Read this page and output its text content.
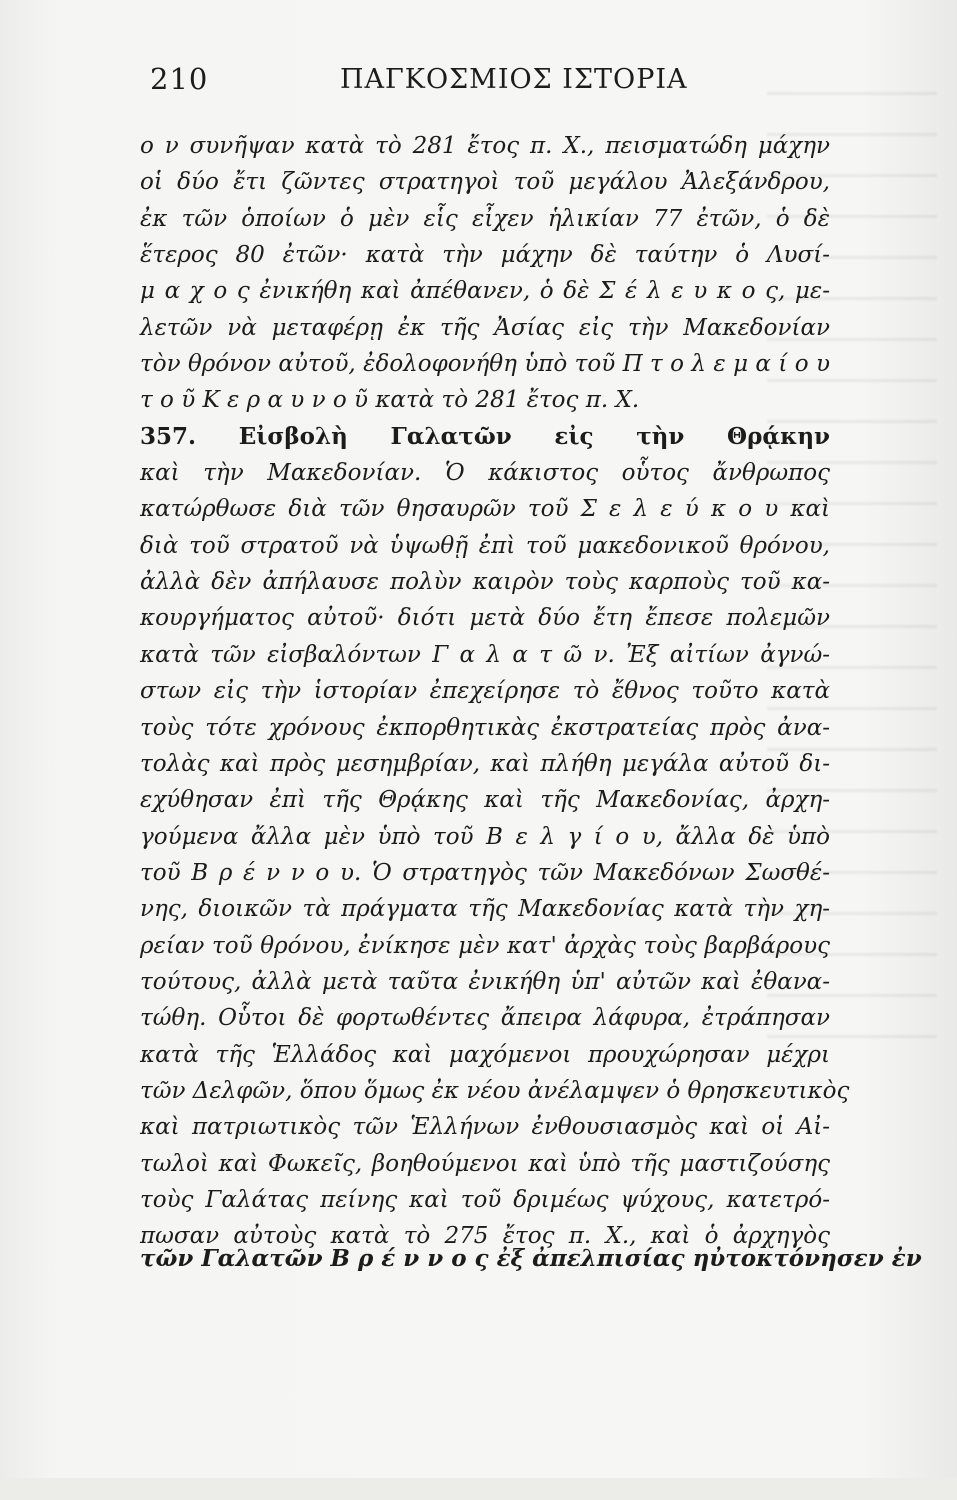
210	ΠΑΓΚΟΣΜΙΟΣ ΙΣΤΟΡΙΑ
ο ν συνῆψαν κατὰ τὸ 281 ἔτος π. Χ., πεισματώδη μάχην
οἱ δύο ἔτι ζῶντες στρατηγοὶ τοῦ μεγάλου Ἀλεξάνδρου,
ἐκ τῶν ὁποίων ὁ μὲν εἷς εἶχεν ἡλικίαν 77 ἐτῶν, ὁ δὲ
ἕτερος 80 ἐτῶν· κατὰ τὴν μάχην δὲ ταύτην ὁ Λυσί-
μ α χ ο ς ἐνικήθη καὶ ἀπέθανεν, ὁ δὲ Σ έ λ ε υ κ ο ς, με-
λετῶν νὰ μεταφέρῃ ἐκ τῆς Ἀσίας εἰς τὴν Μακεδονίαν
τὸν θρόνον αὐτοῦ, ἐδολοφονήθη ὑπὸ τοῦ Π τ ο λ ε μ α ί ο υ
τ ο ῦ Κ ε ρ α υ ν ο ῦ κατὰ τὸ 281 ἔτος π. Χ.
357. Εἰσβολὴ Γαλατῶν εἰς τὴν Θρᾴκην
καὶ τὴν Μακεδονίαν. Ὁ κάκιστος οὗτος ἄνθρωπος
κατώρθωσε διὰ τῶν θησαυρῶν τοῦ Σ ε λ ε ύ κ ο υ καὶ
διὰ τοῦ στρατοῦ νὰ ὑψωθῇ ἐπὶ τοῦ μακεδονικοῦ θρόνου,
ἀλλὰ δὲν ἀπήλαυσε πολὺν καιρὸν τοὺς καρποὺς τοῦ κα-
κουργήματος αὐτοῦ· διότι μετὰ δύο ἔτη ἔπεσε πολεμῶν
κατὰ τῶν εἰσβαλόντων Γ α λ α τ ῶ ν. Ἐξ αἰτίων ἀγνώ-
στων εἰς τὴν ἱστορίαν ἐπεχείρησε τὸ ἔθνος τοῦτο κατὰ
τοὺς τότε χρόνους ἐκπορθητικὰς ἐκστρατείας πρὸς ἀνα-
τολὰς καὶ πρὸς μεσημβρίαν, καὶ πλήθη μεγάλα αὐτοῦ δι-
εχύθησαν ἐπὶ τῆς Θρᾴκης καὶ τῆς Μακεδονίας, ἀρχη-
γούμενα ἄλλα μὲν ὑπὸ τοῦ Β ε λ γ ί ο υ, ἄλλα δὲ ὑπὸ
τοῦ Β ρ έ ν ν ο υ. Ὁ στρατηγὸς τῶν Μακεδόνων Σωσθέ-
νης, διοικῶν τὰ πράγματα τῆς Μακεδονίας κατὰ τὴν χη-
ρείαν τοῦ θρόνου, ἐνίκησε μὲν κατ' ἀρχὰς τοὺς βαρβάρους
τούτους, ἀλλὰ μετὰ ταῦτα ἐνικήθη ὑπ' αὐτῶν καὶ ἐθανα-
τώθη. Οὗτοι δὲ φορτωθέντες ἄπειρα λάφυρα, ἐτράπησαν
κατὰ τῆς Ἑλλάδος καὶ μαχόμενοι προυχώρησαν μέχρι
τῶν Δελφῶν, ὅπου ὅμως ἐκ νέου ἀνέλαμψεν ὁ θρησκευτικὸς
καὶ πατριωτικὸς τῶν Ἑλλήνων ἐνθουσιασμὸς καὶ οἱ Αἰ-
τωλοὶ καὶ Φωκεῖς, βοηθούμενοι καὶ ὑπὸ τῆς μαστιζούσης
τοὺς Γαλάτας πείνης καὶ τοῦ δριμέως ψύχους, κατετρό-
πωσαν αὐτοὺς κατὰ τὸ 275 ἔτος π. Χ., καὶ ὁ ἀρχηγὸς
τῶν Γαλατῶν Β ρ έ ν ν ο ς ἐξ ἀπελπισίας ηὐτοκτόνησεν ἐν
